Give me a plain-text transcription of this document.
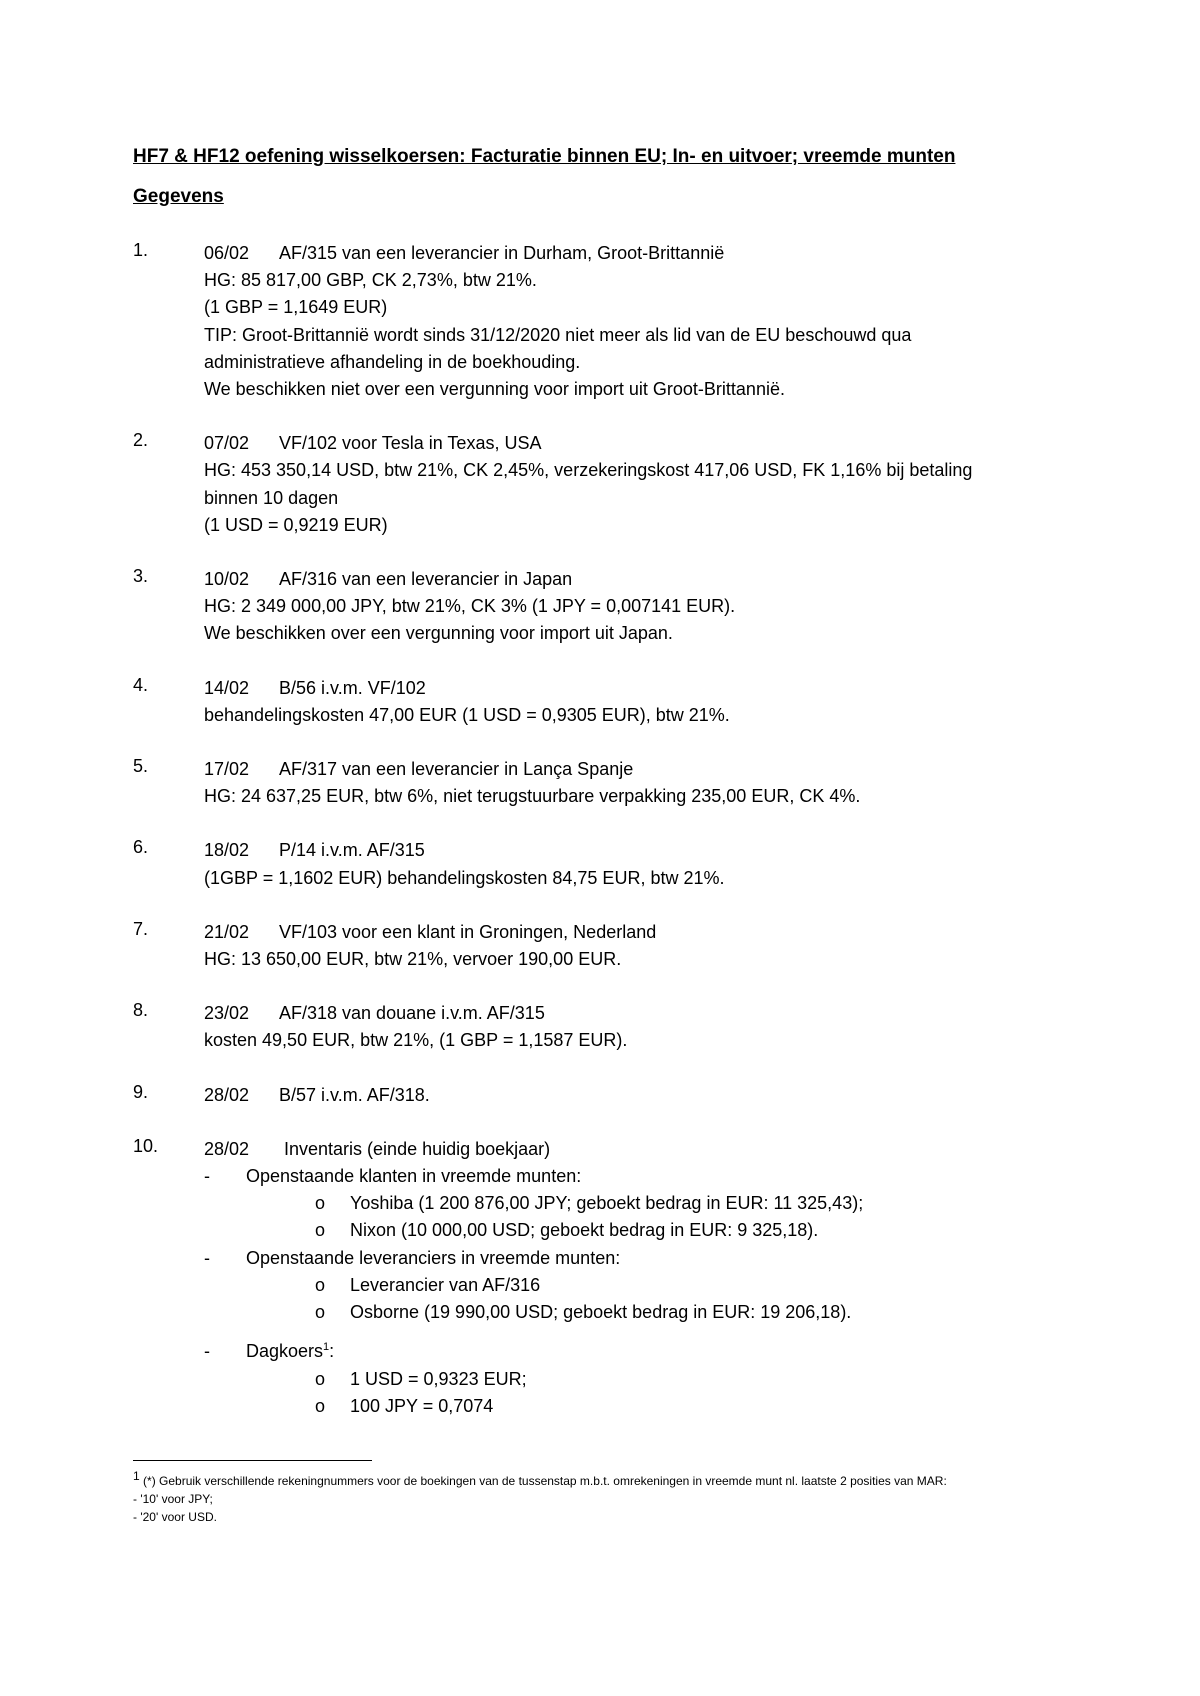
HF7 & HF12 oefening wisselkoersen: Facturatie binnen EU; In- en uitvoer; vreemde munten
Gegevens
1.	06/02 AF/315 van een leverancier in Durham, Groot-Brittannië
HG: 85 817,00 GBP, CK 2,73%, btw 21%.
(1 GBP = 1,1649 EUR)
TIP: Groot-Brittannië wordt sinds 31/12/2020 niet meer als lid van de EU beschouwd qua
administratieve afhandeling in de boekhouding.
We beschikken niet over een vergunning voor import uit Groot-Brittannië.
2.	07/02 VF/102 voor Tesla in Texas, USA
HG: 453 350,14 USD, btw 21%, CK 2,45%, verzekeringskost 417,06 USD, FK 1,16% bij betaling
binnen 10 dagen
(1 USD = 0,9219 EUR)
3.	10/02 AF/316 van een leverancier in Japan
HG: 2 349 000,00 JPY, btw 21%, CK 3% (1 JPY = 0,007141 EUR).
We beschikken over een vergunning voor import uit Japan.
4.	14/02 B/56 i.v.m. VF/102
behandelingskosten 47,00 EUR (1 USD = 0,9305 EUR), btw 21%.
5.	17/02 AF/317 van een leverancier in Lança Spanje
HG: 24 637,25 EUR, btw 6%, niet terugstuurbare verpakking 235,00 EUR, CK 4%.
6.	18/02 P/14 i.v.m. AF/315
(1GBP = 1,1602 EUR) behandelingskosten 84,75 EUR, btw 21%.
7.	21/02 VF/103 voor een klant in Groningen, Nederland
HG: 13 650,00 EUR, btw 21%, vervoer 190,00 EUR.
8.	23/02 AF/318 van douane i.v.m. AF/315
kosten 49,50 EUR, btw 21%, (1 GBP = 1,1587 EUR).
9.	28/02 B/57 i.v.m. AF/318.
10.	28/02 Inventaris (einde huidig boekjaar)
- Openstaande klanten in vreemde munten:
o Yoshiba (1 200 876,00 JPY; geboekt bedrag in EUR: 11 325,43);
o Nixon (10 000,00 USD; geboekt bedrag in EUR: 9 325,18).
- Openstaande leveranciers in vreemde munten:
o Leverancier van AF/316
o Osborne (19 990,00 USD; geboekt bedrag in EUR: 19 206,18).
- Dagkoers$^1$:
o 1 USD = 0,9323 EUR;
o 100 JPY = 0,7074
$^1$ (*) Gebruik verschillende rekeningnummers voor de boekingen van de tussenstap m.b.t. omrekeningen in vreemde munt nl. laatste 2 posities van MAR:
- '10' voor JPY;
- '20' voor USD.
